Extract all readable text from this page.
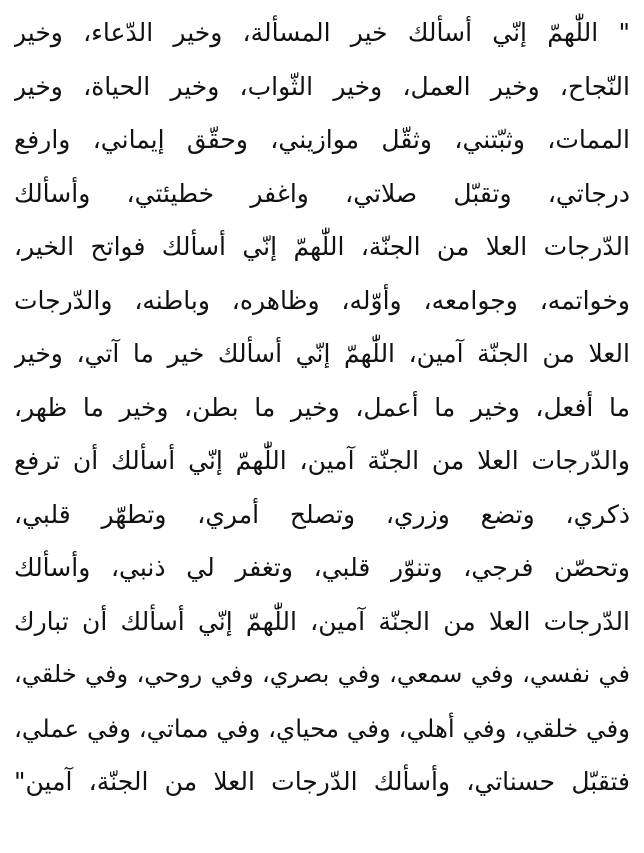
" اللّٰهمّ إنّي أسألك خير المسألة، وخير الدّعاء، وخير
النّجاح، وخير العمل، وخير الثّواب، وخير الحياة، وخير
الممات، وثبّتني، وثقّل موازيني، وحقّق إيماني، وارفع
درجاتي، وتقبّل صلاتي، واغفر خطيئتي، وأسألك
الدّرجات العلا من الجنّة، اللّٰهمّ إنّي أسألك فواتح الخير،
وخواتمه، وجوامعه، وأوّله، وظاهره، وباطنه، والدّرجات
العلا من الجنّة آمين، اللّٰهمّ إنّي أسألك خير ما آتي، وخير
ما أفعل، وخير ما أعمل، وخير ما بطن، وخير ما ظهر،
والدّرجات العلا من الجنّة آمين، اللّٰهمّ إنّي أسألك أن ترفع
ذكري، وتضع وزري، وتصلح أمري، وتطهّر قلبي،
وتحصّن فرجي، وتنوّر قلبي، وتغفر لي ذنبي، وأسألك
الدّرجات العلا من الجنّة آمين، اللّٰهمّ إنّي أسألك أن تبارك
في نفسي، وفي سمعي، وفي بصري، وفي روحي، وفي خلقي،
وفي خلقي، وفي أهلي، وفي محياي، وفي مماتي، وفي عملي،
فتقبّل حسناتي، وأسألك الدّرجات العلا من الجنّة، آمين"
